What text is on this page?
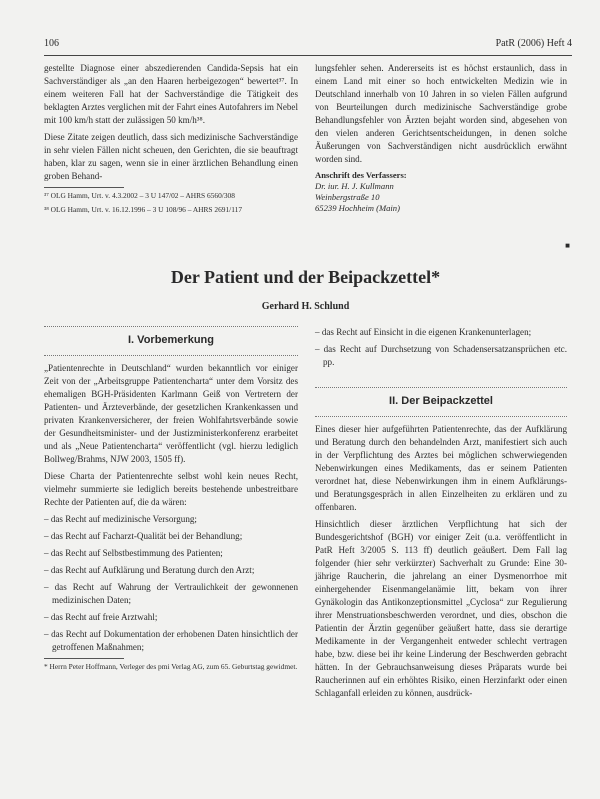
106	PatR (2006) Heft 4

gestellte Diagnose einer abszedierenden Candida-Sepsis hat ein Sachverständiger als „an den Haaren herbeigezogen“ bewertet³⁷. In einem weiteren Fall hat der Sachverständige die Tätigkeit des beklagten Arztes verglichen mit der Fahrt eines Autofahrers im Nebel mit 100 km/h statt der zulässigen 50 km/h³⁸.

Diese Zitate zeigen deutlich, dass sich medizinische Sachverständige in sehr vielen Fällen nicht scheuen, den Gerichten, die sie beauftragt haben, klar zu sagen, wenn sie in einer ärztlichen Behandlung einen groben Behand-

³⁷ OLG Hamm, Urt. v. 4.3.2002 – 3 U 147/02 – AHRS 6560/308

³⁸ OLG Hamm, Urt. v. 16.12.1996 – 3 U 108/96 – AHRS 2691/117

lungsfehler sehen. Andererseits ist es höchst erstaunlich, dass in einem Land mit einer so hoch entwickelten Medizin wie in Deutschland innerhalb von 10 Jahren in so vielen Fällen aufgrund von Beurteilungen durch medizinische Sachverständige grobe Behandlungsfehler von Ärzten bejaht worden sind, abgesehen von den vielen anderen Gerichtsentscheidungen, in denen solche Äußerungen von Sachverständigen nicht ausdrücklich erwähnt worden sind.

Anschrift des Verfassers:
Dr. iur. H. J. Kullmann
Weinbergstraße 10
65239 Hochheim (Main)
■
Der Patient und der Beipackzettel*
Gerhard H. Schlund
I. Vorbemerkung

„Patientenrechte in Deutschland“ wurden bekanntlich vor einiger Zeit von der „Arbeitsgruppe Patientencharta“ unter dem Vorsitz des ehemaligen BGH-Präsidenten Karlmann Geiß von Vertretern der Patienten- und Ärzteverbände, der gesetzlichen Krankenkassen und privaten Krankenversicherer, der freien Wohlfahrtsverbände sowie der Gesundheitsminister- und der Justizministerkonferenz erarbeitet und als „Neue Patientencharta“ veröffentlicht (vgl. hierzu lediglich Bollweg/Brahms, NJW 2003, 1505 ff).

Diese Charta der Patientenrechte selbst wohl kein neues Recht, vielmehr summierte sie lediglich bereits bestehende unbestreitbare Rechte der Patienten auf, die da wären:

– das Recht auf medizinische Versorgung;

– das Recht auf Facharzt-Qualität bei der Behandlung;

– das Recht auf Selbstbestimmung des Patienten;

– das Recht auf Aufklärung und Beratung durch den Arzt;

– das Recht auf Wahrung der Vertraulichkeit der gewonnenen medizinischen Daten;

– das Recht auf freie Arztwahl;

– das Recht auf Dokumentation der erhobenen Daten hinsichtlich der getroffenen Maßnahmen;

* Herrn Peter Hoffmann, Verleger des pmi Verlag AG, zum 65. Geburtstag gewidmet.

– das Recht auf Einsicht in die eigenen Krankenunterlagen;

– das Recht auf Durchsetzung von Schadensersatzansprüchen etc. pp.

II. Der Beipackzettel

Eines dieser hier aufgeführten Patientenrechte, das der Aufklärung und Beratung durch den behandelnden Arzt, manifestiert sich auch in der Verpflichtung des Arztes bei möglichen schwerwiegenden Nebenwirkungen eines Medikaments, das er seinem Patienten verordnet hat, diese Nebenwirkungen ihm in einem Aufklärungs- und Beratungsgespräch in allen Einzelheiten zu erklären und zu offenbaren.

Hinsichtlich dieser ärztlichen Verpflichtung hat sich der Bundesgerichtshof (BGH) vor einiger Zeit (u.a. veröffentlicht in PatR Heft 3/2005 S. 113 ff) deutlich geäußert. Dem Fall lag folgender (hier sehr verkürzter) Sachverhalt zu Grunde: Eine 30-jährige Raucherin, die jahrelang an einer Dysmenorrhoe mit einhergehender Eisenmangelanämie litt, bekam von ihrer Gynäkologin das Antikonzeptionsmittel „Cyclosa“ zur Regulierung ihrer Menstruationsbeschwerden verordnet, und dies, obschon die Patientin der Ärztin gegenüber geäußert hatte, dass sie derartige Medikamente in der Vergangenheit entweder schlecht vertragen habe, bzw. diese bei ihr keine Linderung der Beschwerden gebracht hätten. In der Gebrauchsanweisung dieses Präparats wurde bei Raucherinnen auf ein erhöhtes Risiko, einen Herzinfarkt oder einen Schlaganfall erleiden zu können, ausdrück-
